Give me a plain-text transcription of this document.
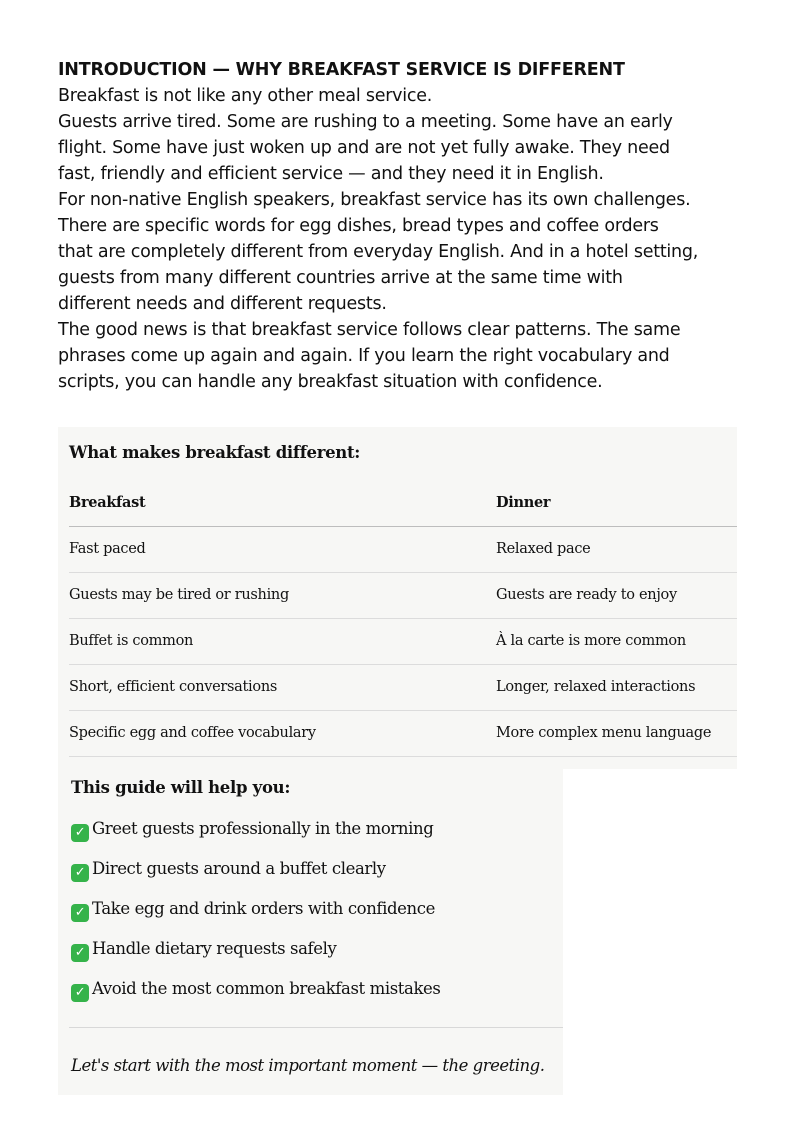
INTRODUCTION — WHY BREAKFAST SERVICE IS DIFFERENT

Breakfast is not like any other meal service.

Guests arrive tired. Some are rushing to a meeting. Some have an early

flight. Some have just woken up and are not yet fully awake. They need

fast, friendly and efficient service — and they need it in English.

For non-native English speakers, breakfast service has its own challenges.

There are specific words for egg dishes, bread types and coffee orders

that are completely different from everyday English. And in a hotel setting,

guests from many different countries arrive at the same time with

different needs and different requests.

The good news is that breakfast service follows clear patterns. The same

phrases come up again and again. If you learn the right vocabulary and

scripts, you can handle any breakfast situation with confidence.

What makes breakfast different:
Breakfast	Dinner
Fast paced	Relaxed pace
Guests may be tired or rushing	Guests are ready to enjoy
Buffet is common	À la carte is more common
Short, efficient conversations	Longer, relaxed interactions
Specific egg and coffee vocabulary	More complex menu language
This guide will help you:
✓ Greet guests professionally in the morning
✓ Direct guests around a buffet clearly
✓ Take egg and drink orders with confidence
✓ Handle dietary requests safely
✓ Avoid the most common breakfast mistakes
Let's start with the most important moment — the greeting.
